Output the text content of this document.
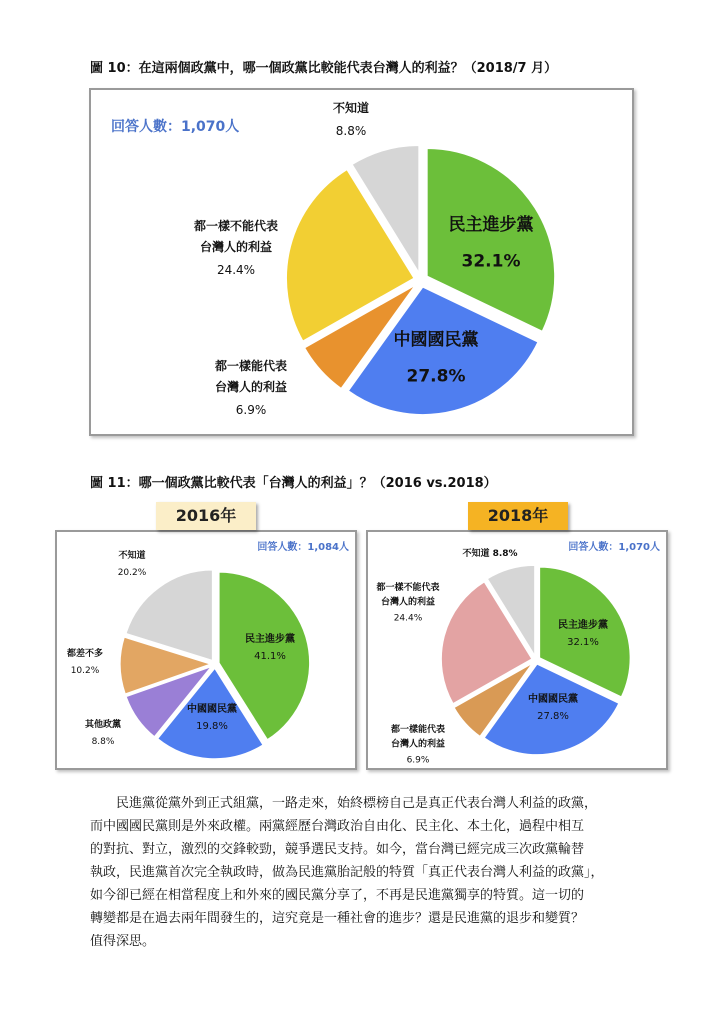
圖 10：在這兩個政黨中，哪一個政黨比較能代表台灣人的利益？（2018/7 月）
回答人數：1,070人
民主進步黨
32.1%
中國國民黨
27.8%
都一樣能代表
台灣人的利益
6.9%
都一樣不能代表
台灣人的利益
24.4%
不知道
8.8%
圖 11：哪一個政黨比較代表「台灣人的利益」？（2016 vs.2018）
回答人數：1,084人
民主進步黨
41.1%
中國國民黨
19.8%
其他政黨
8.8%
都差不多
10.2%
不知道
20.2%
2016年
回答人數：1,070人
民主進步黨
32.1%
中國國民黨
27.8%
都一樣能代表
台灣人的利益
6.9%
都一樣不能代表
台灣人的利益
24.4%
不知道 8.8%
2018年

　　民進黨從黨外到正式組黨，一路走來，始終標榜自己是真正代表台灣人利益的政黨，

而中國國民黨則是外來政權。兩黨經歷台灣政治自由化、民主化、本土化，過程中相互

的對抗、對立，激烈的交鋒較勁，競爭選民支持。如今，當台灣已經完成三次政黨輪替

執政，民進黨首次完全執政時，做為民進黨胎記般的特質「真正代表台灣人利益的政黨」，

如今卻已經在相當程度上和外來的國民黨分享了，不再是民進黨獨享的特質。這一切的

轉變都是在過去兩年間發生的，這究竟是一種社會的進步？還是民進黨的退步和變質？

值得深思。
